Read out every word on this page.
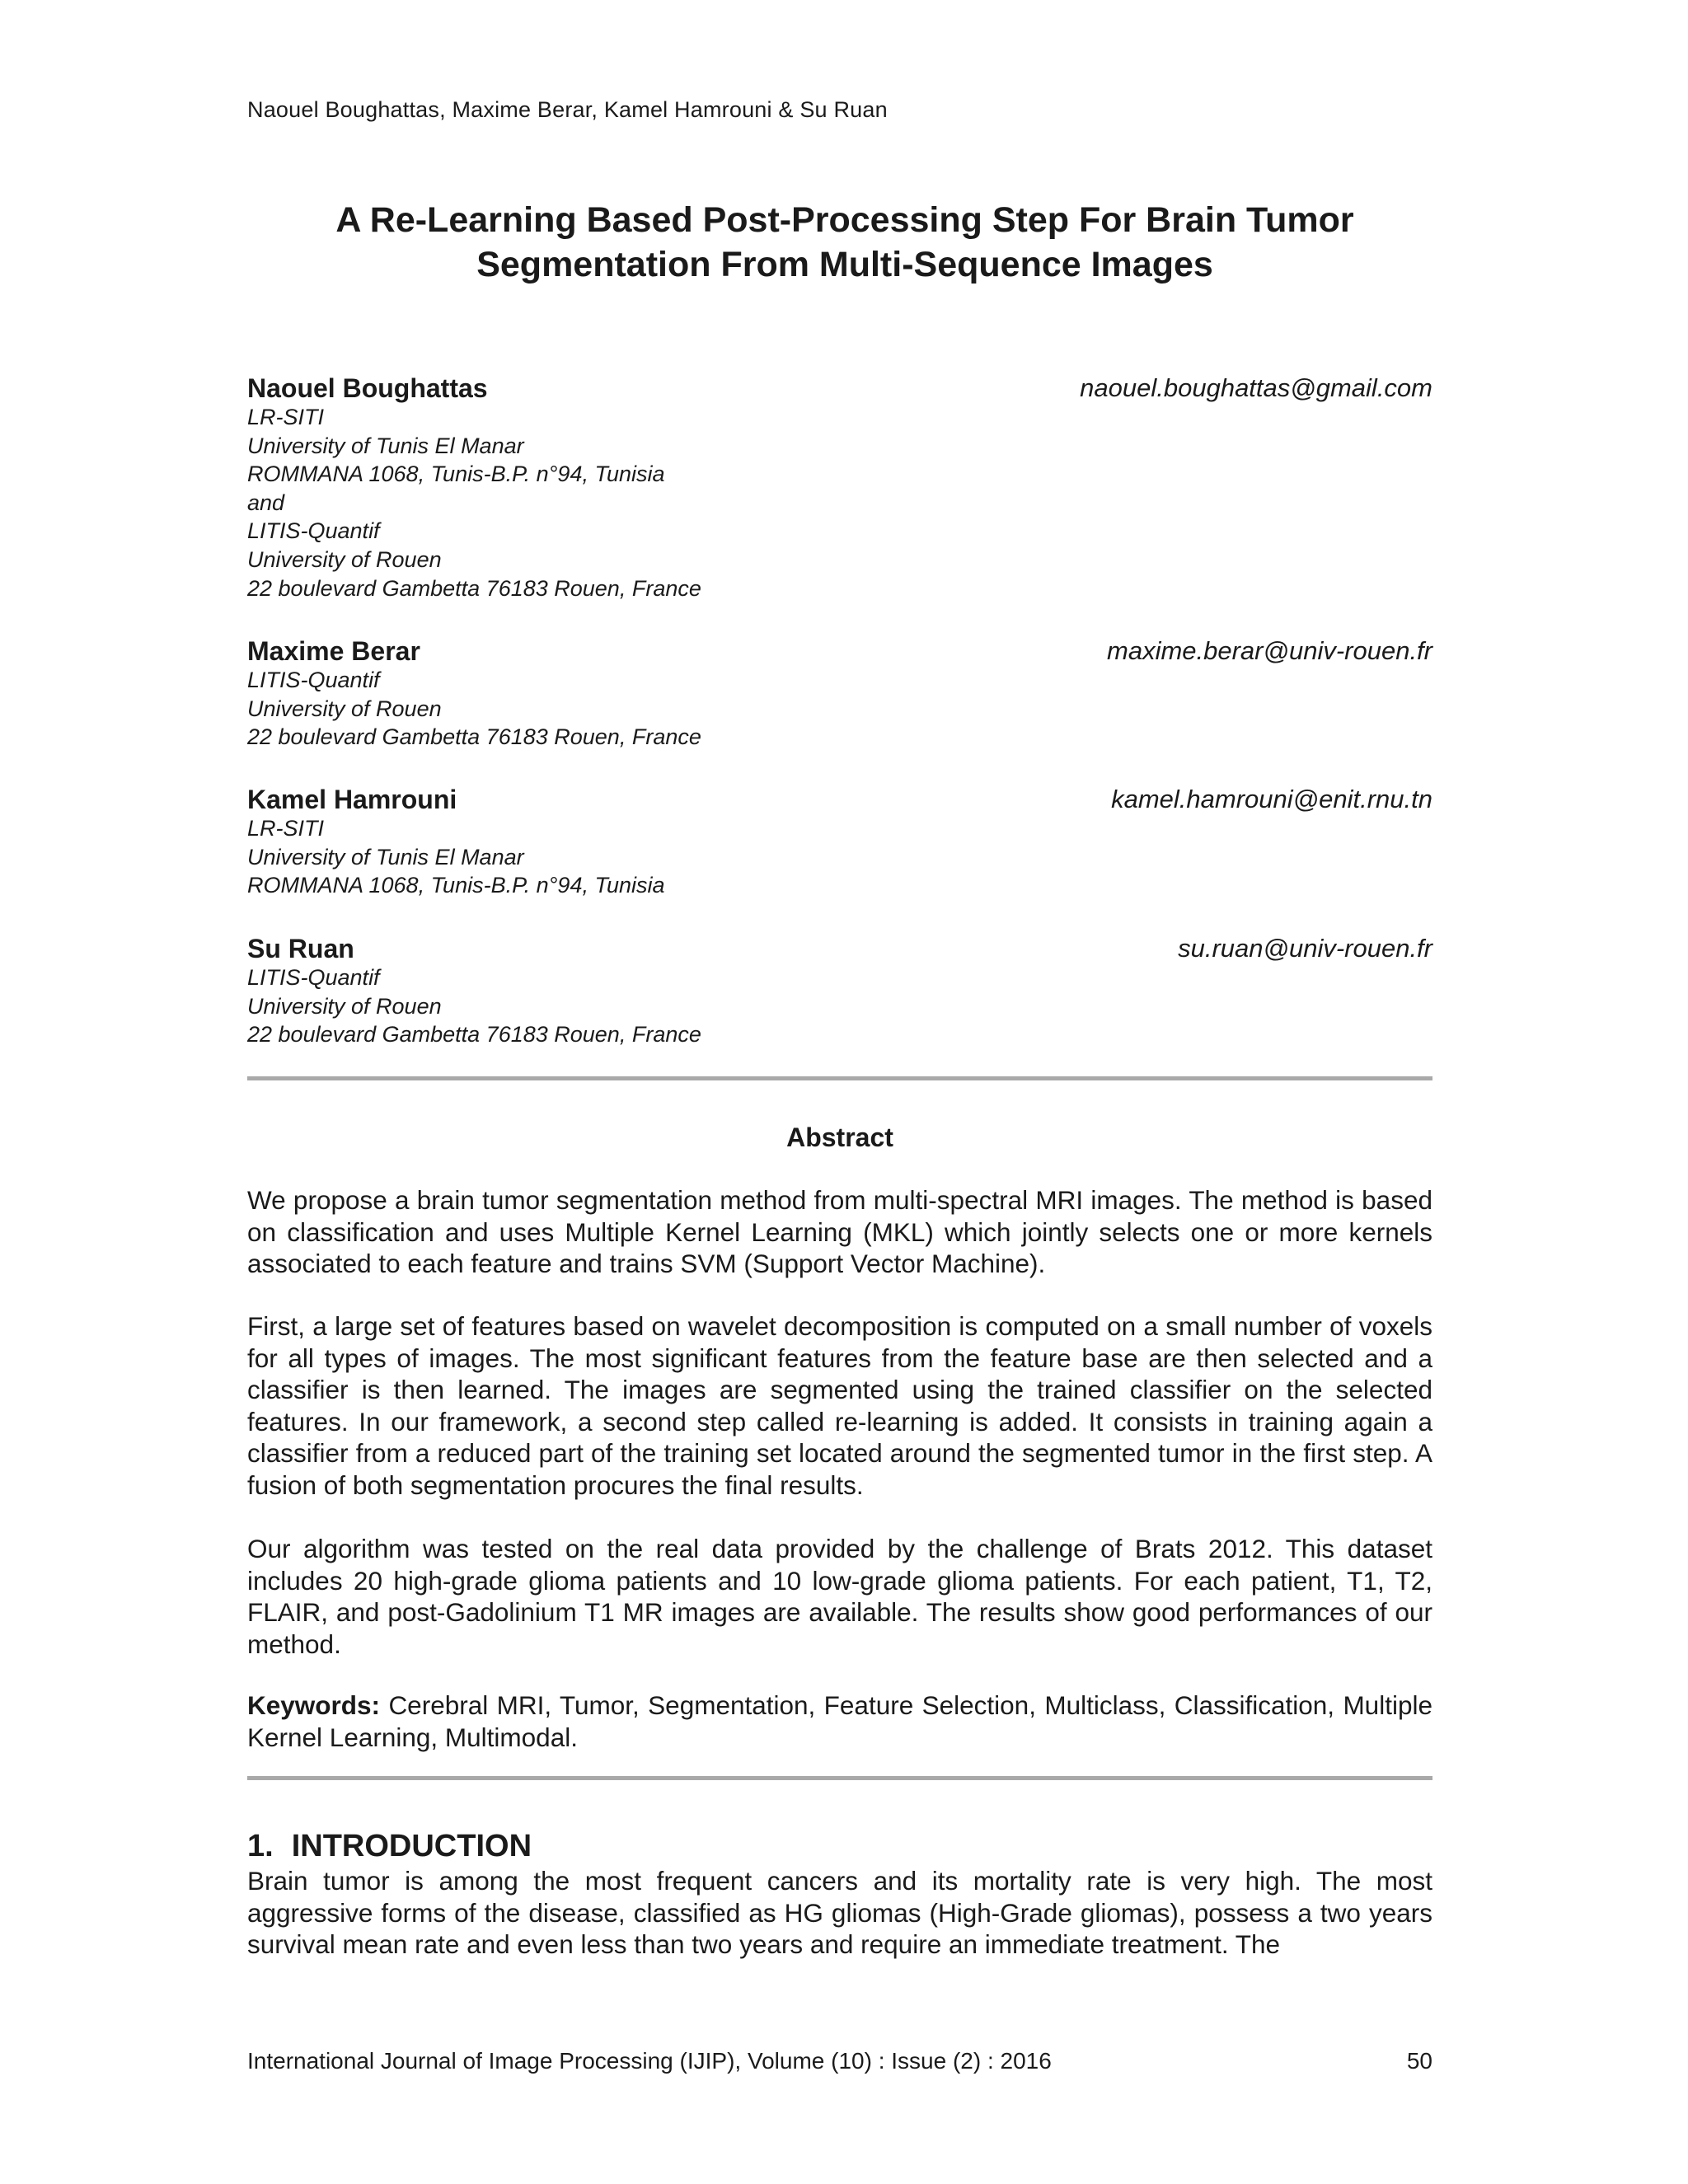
Naouel Boughattas, Maxime Berar, Kamel Hamrouni & Su Ruan
A Re-Learning Based Post-Processing Step For Brain Tumor
Segmentation From Multi-Sequence Images
Naouel Boughattas	naouel.boughattas@gmail.com
LR-SITI
University of Tunis El Manar
ROMMANA 1068, Tunis-B.P. n°94, Tunisia
and
LITIS-Quantif
University of Rouen
22 boulevard Gambetta 76183 Rouen, France
Maxime Berar	maxime.berar@univ-rouen.fr
LITIS-Quantif
University of Rouen
22 boulevard Gambetta 76183 Rouen, France
Kamel Hamrouni	kamel.hamrouni@enit.rnu.tn
LR-SITI
University of Tunis El Manar
ROMMANA 1068, Tunis-B.P. n°94, Tunisia
Su Ruan	su.ruan@univ-rouen.fr
LITIS-Quantif
University of Rouen
22 boulevard Gambetta 76183 Rouen, France
Abstract

We propose a brain tumor segmentation method from multi-spectral MRI images. The method is based on classification and uses Multiple Kernel Learning (MKL) which jointly selects one or more kernels associated to each feature and trains SVM (Support Vector Machine).

First, a large set of features based on wavelet decomposition is computed on a small number of voxels for all types of images. The most significant features from the feature base are then selected and a classifier is then learned. The images are segmented using the trained classifier on the selected features. In our framework, a second step called re-learning is added. It consists in training again a classifier from a reduced part of the training set located around the segmented tumor in the first step. A fusion of both segmentation procures the final results.

Our algorithm was tested on the real data provided by the challenge of Brats 2012. This dataset includes 20 high-grade glioma patients and 10 low-grade glioma patients. For each patient, T1, T2, FLAIR, and post-Gadolinium T1 MR images are available. The results show good performances of our method.

Keywords: Cerebral MRI, Tumor, Segmentation, Feature Selection, Multiclass, Classification, Multiple Kernel Learning, Multimodal.

1. INTRODUCTION

Brain tumor is among the most frequent cancers and its mortality rate is very high. The most aggressive forms of the disease, classified as HG gliomas (High-Grade gliomas), possess a two years survival mean rate and even less than two years and require an immediate treatment. The

International Journal of Image Processing (IJIP), Volume (10) : Issue (2) : 2016	50
